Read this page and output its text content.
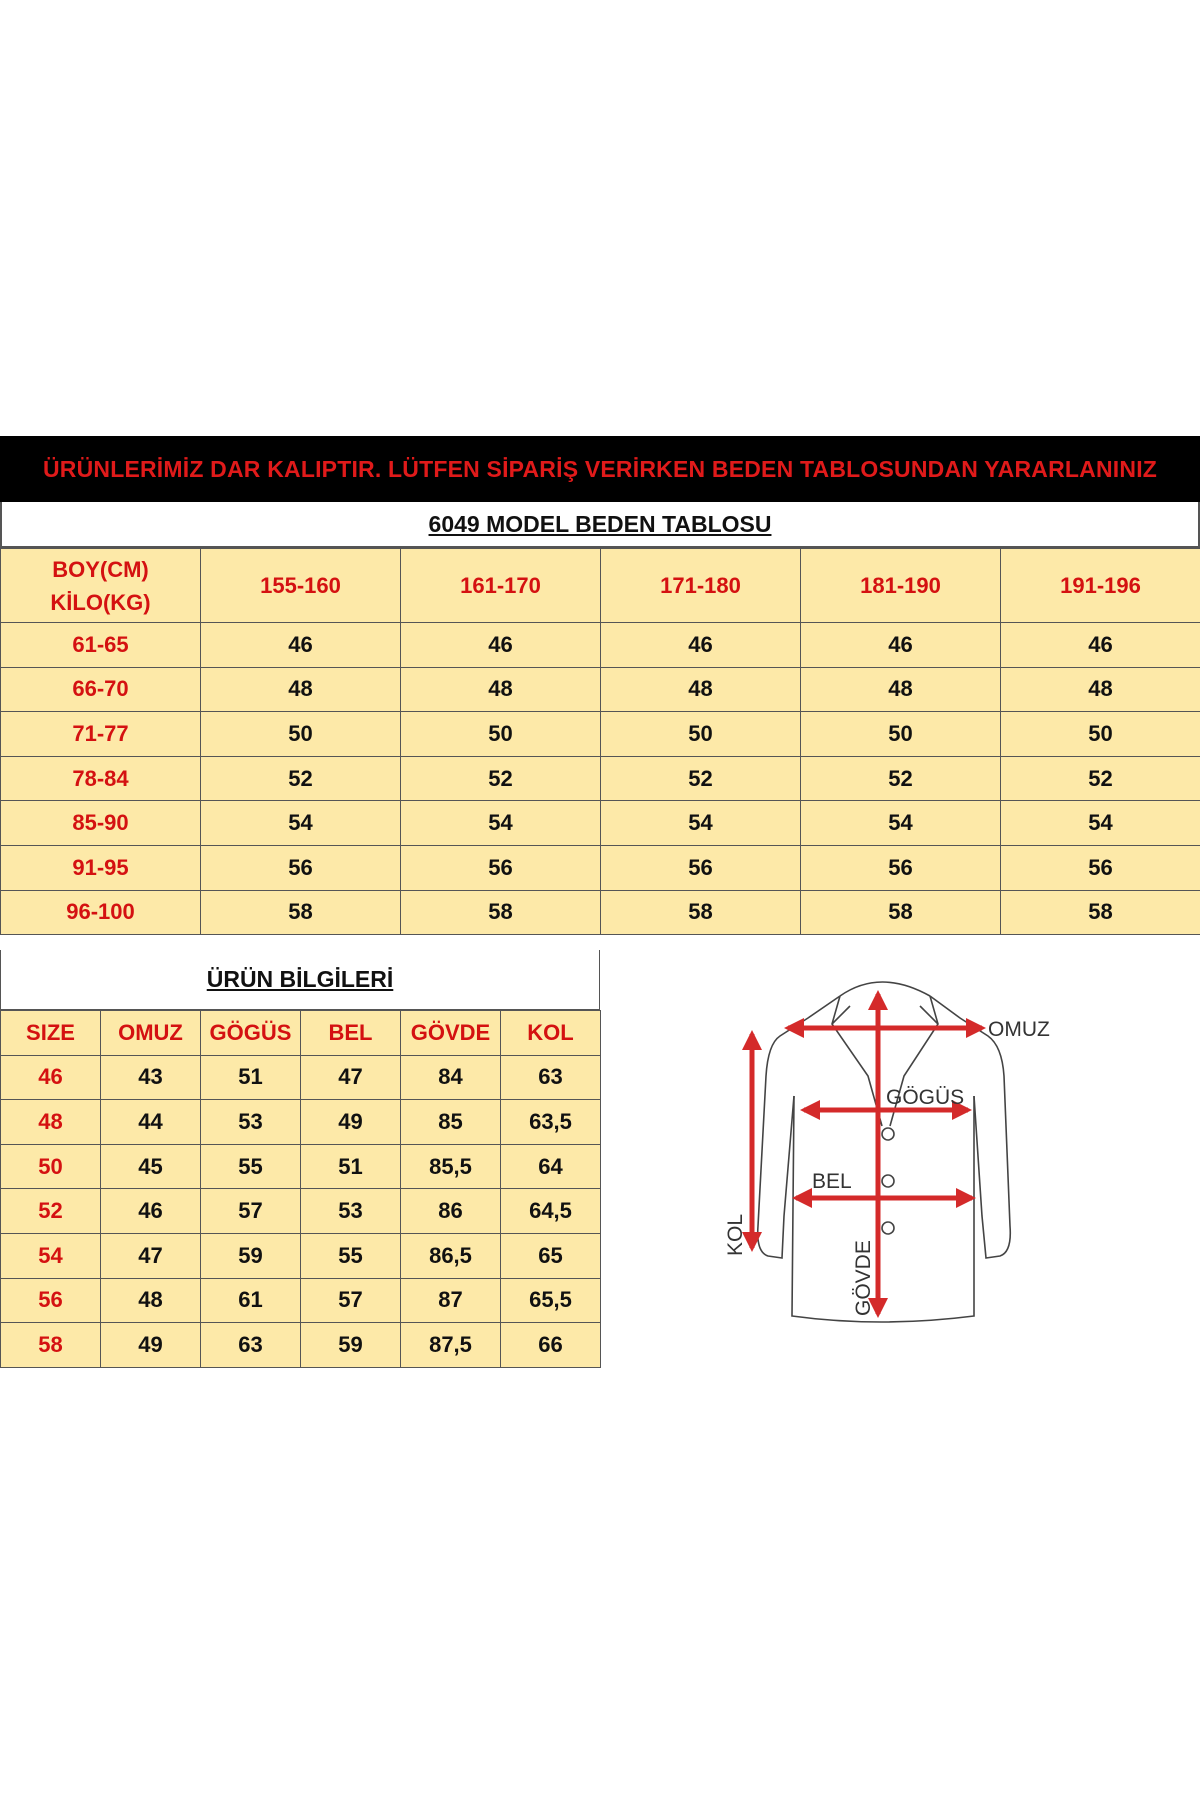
ÜRÜNLERİMİZ DAR KALIPTIR. LÜTFEN SİPARİŞ VERİRKEN BEDEN TABLOSUNDAN YARARLANINIZ
6049 MODEL BEDEN TABLOSU
BOY(CM)
KİLO(KG)	155-160	161-170	171-180	181-190	191-196
61-65	46	46	46	46	46
66-70	48	48	48	48	48
71-77	50	50	50	50	50
78-84	52	52	52	52	52
85-90	54	54	54	54	54
91-95	56	56	56	56	56
96-100	58	58	58	58	58
ÜRÜN BİLGİLERİ
SIZE	OMUZ	GÖGÜS	BEL	GÖVDE	KOL
46	43	51	47	84	63
48	44	53	49	85	63,5
50	45	55	51	85,5	64
52	46	57	53	86	64,5
54	47	59	55	86,5	65
56	48	61	57	87	65,5
58	49	63	59	87,5	66
OMUZ
GÖGÜS
BEL
KOL
GÖVDE
